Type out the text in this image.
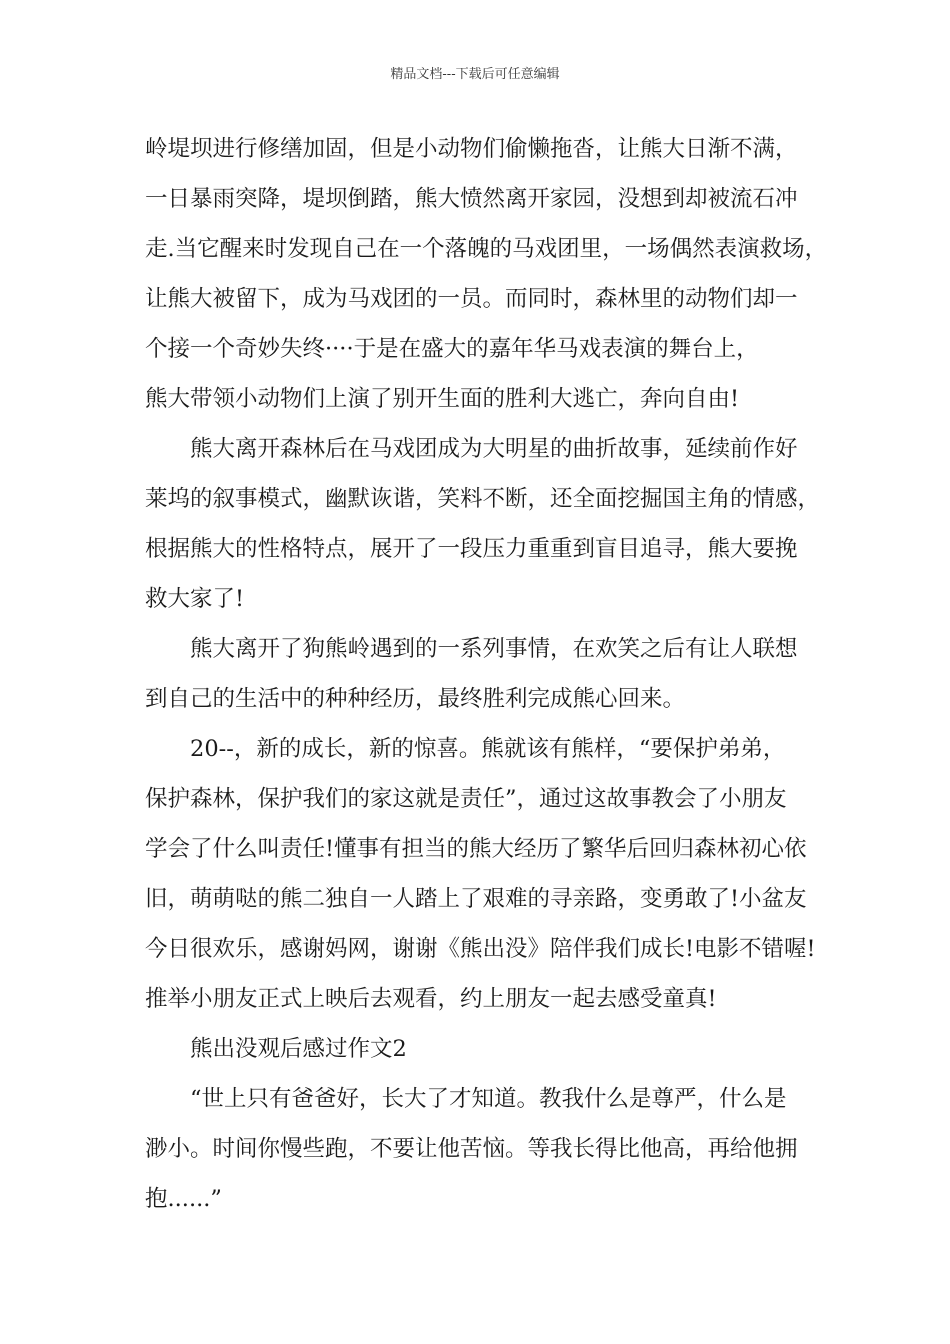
精品文档---下载后可任意编辑
岭堤坝进行修缮加固，但是小动物们偷懒拖沓，让熊大日渐不满，
一日暴雨突降，堤坝倒踏，熊大愤然离开家园，没想到却被流石冲
走.当它醒来时发现自己在一个落魄的马戏团里，一场偶然表演救场，
让熊大被留下，成为马戏团的一员。而同时，森林里的动物们却一
个接一个奇妙失终····于是在盛大的嘉年华马戏表演的舞台上，
熊大带领小动物们上演了别开生面的胜利大逃亡，奔向自由!
熊大离开森林后在马戏团成为大明星的曲折故事，延续前作好
莱坞的叙事模式，幽默诙谐，笑料不断，还全面挖掘国主角的情感，
根据熊大的性格特点，展开了一段压力重重到盲目追寻，熊大要挽
救大家了!
熊大离开了狗熊岭遇到的一系列事情，在欢笑之后有让人联想
到自己的生活中的种种经历，最终胜利完成熊心回来。
20--，新的成长，新的惊喜。熊就该有熊样，“要保护弟弟，
保护森林，保护我们的家这就是责任”，通过这故事教会了小朋友
学会了什么叫责任!懂事有担当的熊大经历了繁华后回归森林初心依
旧，萌萌哒的熊二独自一人踏上了艰难的寻亲路，变勇敢了!小盆友
今日很欢乐，感谢妈网，谢谢《熊出没》陪伴我们成长!电影不错喔!
推举小朋友正式上映后去观看，约上朋友一起去感受童真!
熊出没观后感过作文2
“世上只有爸爸好，长大了才知道。教我什么是尊严，什么是
渺小。时间你慢些跑，不要让他苦恼。等我长得比他高，再给他拥
抱......”
